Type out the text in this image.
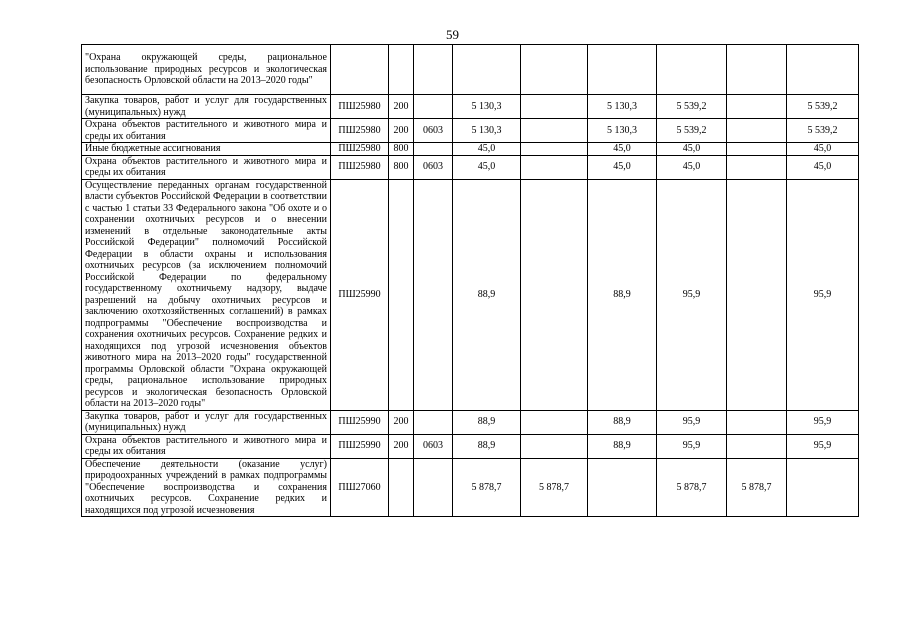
59
"Охрана окружающей среды, рациональное использование природных ресурсов и экологическая безопасность Орловской области на 2013–2020 годы"									
Закупка товаров, работ и услуг для государственных (муниципальных) нужд	ПШ25980	200		5 130,3		5 130,3	5 539,2		5 539,2
Охрана объектов растительного и животного мира и среды их обитания	ПШ25980	200	0603	5 130,3		5 130,3	5 539,2		5 539,2
Иные бюджетные ассигнования	ПШ25980	800		45,0		45,0	45,0		45,0
Охрана объектов растительного и животного мира и среды их обитания	ПШ25980	800	0603	45,0		45,0	45,0		45,0
Осуществление переданных органам государственной власти субъектов Российской Федерации в соответствии с частью 1 статьи 33 Федерального закона "Об охоте и о сохранении охотничьих ресурсов и о внесении изменений в отдельные законодательные акты Российской Федерации" полномочий Российской Федерации в области охраны и использования охотничьих ресурсов (за исключением полномочий Российской Федерации по федеральному государственному охотничьему надзору, выдаче разрешений на добычу охотничьих ресурсов и заключению охотхозяйственных соглашений) в рамках подпрограммы "Обеспечение воспроизводства и сохранения охотничьих ресурсов. Сохранение редких и находящихся под угрозой исчезновения объектов животного мира на 2013–2020 годы" государственной программы Орловской области "Охрана окружающей среды, рациональное использование природных ресурсов и экологическая безопасность Орловской области на 2013–2020 годы"	ПШ25990			88,9		88,9	95,9		95,9
Закупка товаров, работ и услуг для государственных (муниципальных) нужд	ПШ25990	200		88,9		88,9	95,9		95,9
Охрана объектов растительного и животного мира и среды их обитания	ПШ25990	200	0603	88,9		88,9	95,9		95,9
Обеспечение деятельности (оказание услуг) природоохранных учреждений в рамках подпрограммы "Обеспечение воспроизводства и сохранения охотничьих ресурсов. Сохранение редких и находящихся под угрозой исчезновения	ПШ27060			5 878,7	5 878,7		5 878,7	5 878,7	
